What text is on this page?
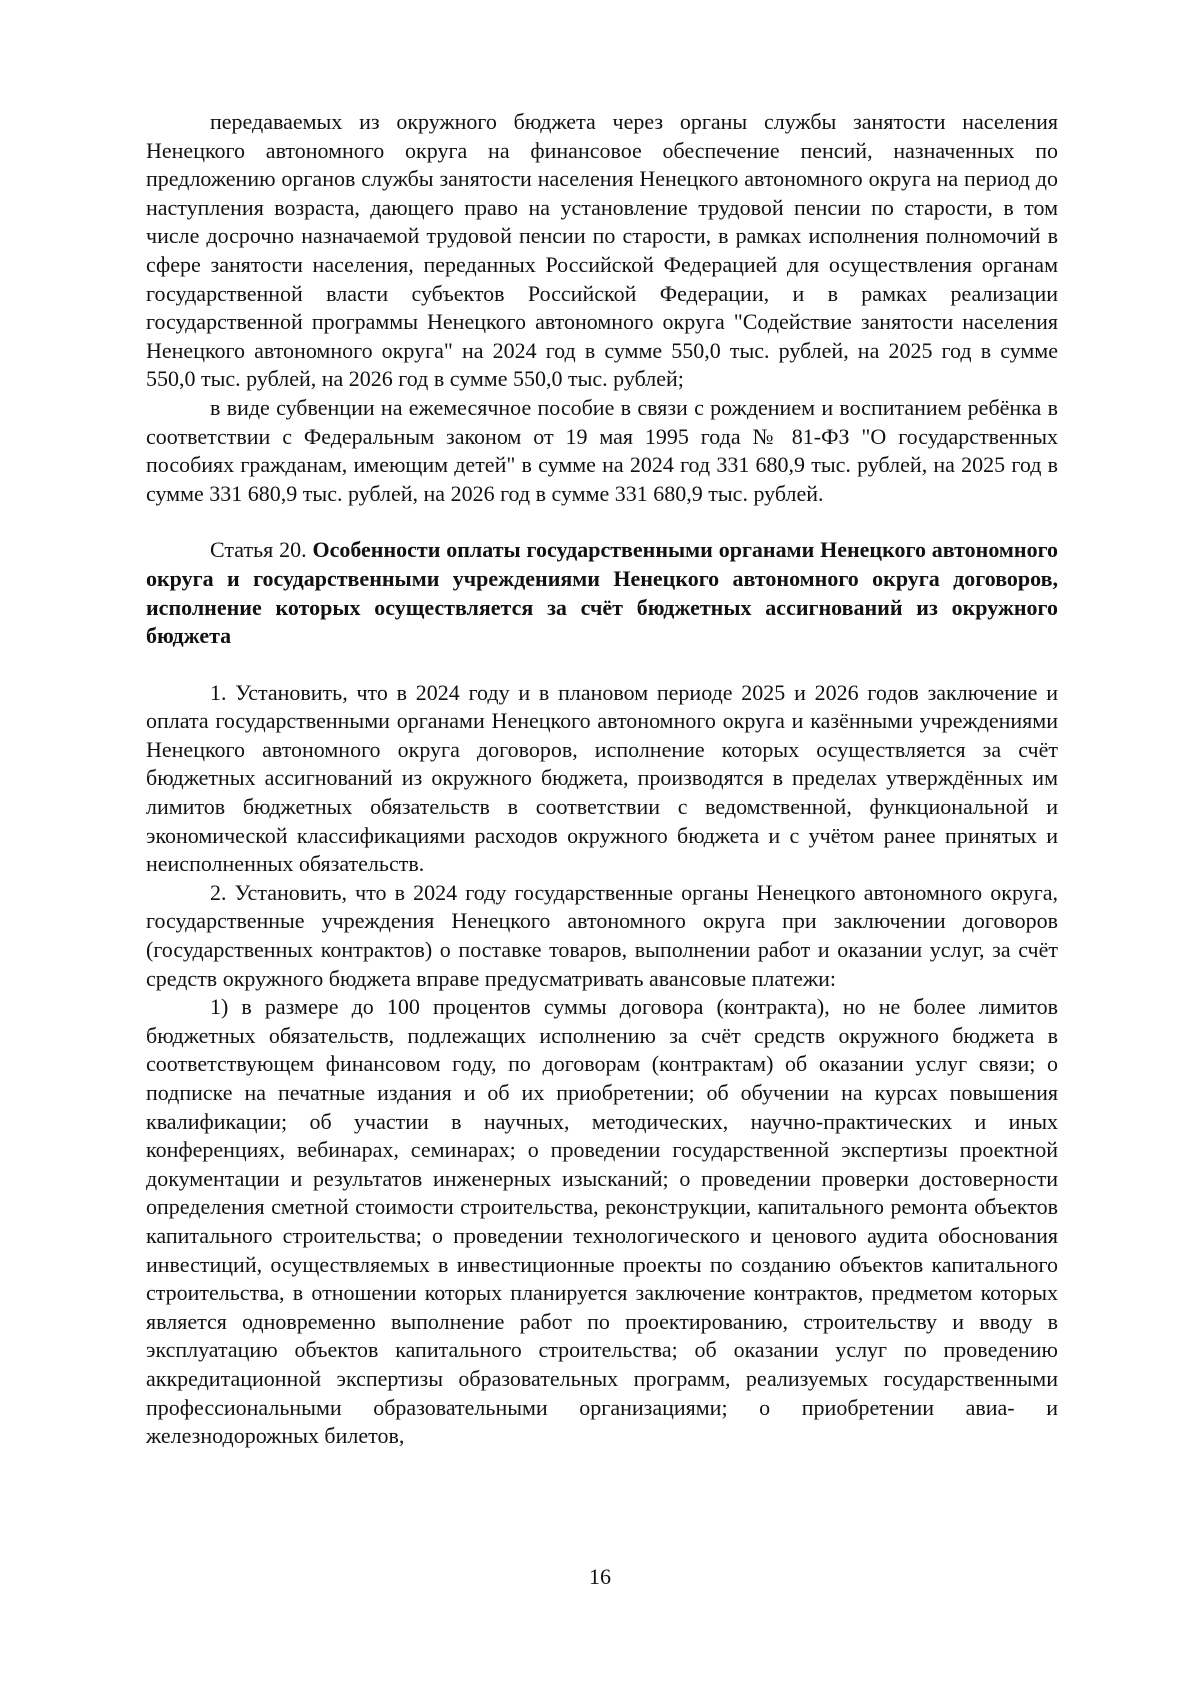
передаваемых из окружного бюджета через органы службы занятости населения Ненецкого автономного округа на финансовое обеспечение пенсий, назначенных по предложению органов службы занятости населения Ненецкого автономного округа на период до наступления возраста, дающего право на установление трудовой пенсии по старости, в том числе досрочно назначаемой трудовой пенсии по старости, в рамках исполнения полномочий в сфере занятости населения, переданных Российской Федерацией для осуществления органам государственной власти субъектов Российской Федерации, и в рамках реализации государственной программы Ненецкого автономного округа "Содействие занятости населения Ненецкого автономного округа" на 2024 год в сумме 550,0 тыс. рублей, на 2025 год в сумме 550,0 тыс. рублей, на 2026 год в сумме 550,0 тыс. рублей;

в виде субвенции на ежемесячное пособие в связи с рождением и воспитанием ребёнка в соответствии с Федеральным законом от 19 мая 1995 года № 81-ФЗ "О государственных пособиях гражданам, имеющим детей" в сумме на 2024 год 331 680,9 тыс. рублей, на 2025 год в сумме 331 680,9 тыс. рублей, на 2026 год в сумме 331 680,9 тыс. рублей.

Статья 20. Особенности оплаты государственными органами Ненецкого автономного округа и государственными учреждениями Ненецкого автономного округа договоров, исполнение которых осуществляется за счёт бюджетных ассигнований из окружного бюджета

1. Установить, что в 2024 году и в плановом периоде 2025 и 2026 годов заключение и оплата государственными органами Ненецкого автономного округа и казёнными учреждениями Ненецкого автономного округа договоров, исполнение которых осуществляется за счёт бюджетных ассигнований из окружного бюджета, производятся в пределах утверждённых им лимитов бюджетных обязательств в соответствии с ведомственной, функциональной и экономической классификациями расходов окружного бюджета и с учётом ранее принятых и неисполненных обязательств.

2. Установить, что в 2024 году государственные органы Ненецкого автономного округа, государственные учреждения Ненецкого автономного округа при заключении договоров (государственных контрактов) о поставке товаров, выполнении работ и оказании услуг, за счёт средств окружного бюджета вправе предусматривать авансовые платежи:

1) в размере до 100 процентов суммы договора (контракта), но не более лимитов бюджетных обязательств, подлежащих исполнению за счёт средств окружного бюджета в соответствующем финансовом году, по договорам (контрактам) об оказании услуг связи; о подписке на печатные издания и об их приобретении; об обучении на курсах повышения квалификации; об участии в научных, методических, научно-практических и иных конференциях, вебинарах, семинарах; о проведении государственной экспертизы проектной документации и результатов инженерных изысканий; о проведении проверки достоверности определения сметной стоимости строительства, реконструкции, капитального ремонта объектов капитального строительства; о проведении технологического и ценового аудита обоснования инвестиций, осуществляемых в инвестиционные проекты по созданию объектов капитального строительства, в отношении которых планируется заключение контрактов, предметом которых является одновременно выполнение работ по проектированию, строительству и вводу в эксплуатацию объектов капитального строительства; об оказании услуг по проведению аккредитационной экспертизы образовательных программ, реализуемых государственными профессиональными образовательными организациями; о приобретении авиа- и железнодорожных билетов,

16
